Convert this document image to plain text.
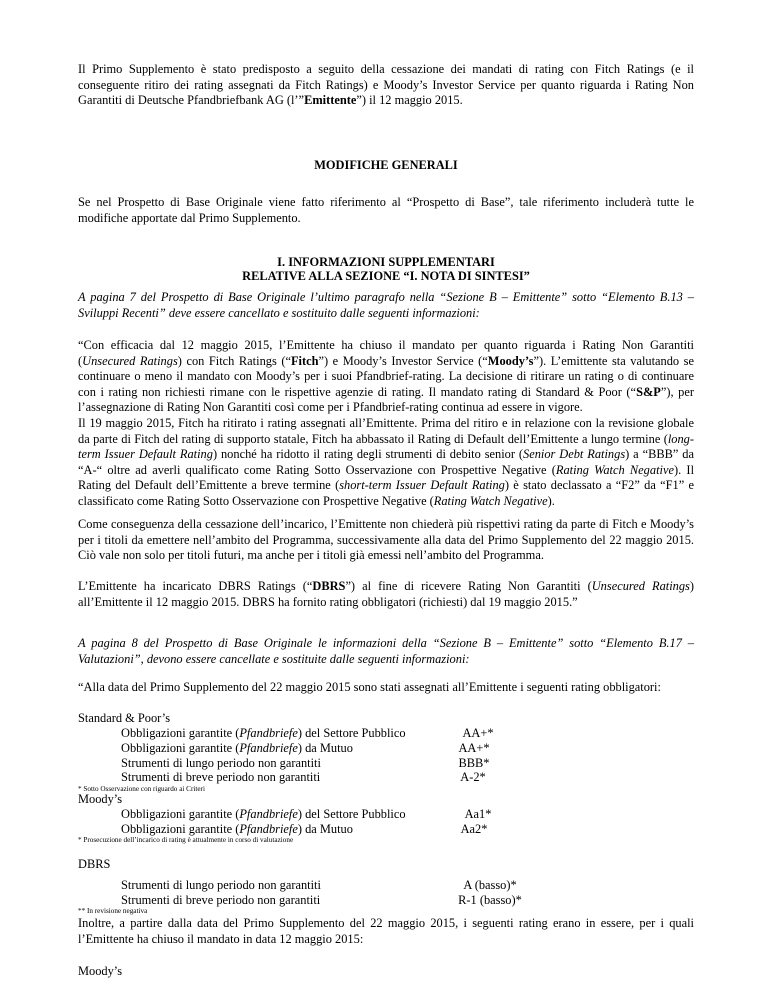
Il Primo Supplemento è stato predisposto a seguito della cessazione dei mandati di rating con Fitch Ratings (e il conseguente ritiro dei rating assegnati da Fitch Ratings) e Moody’s Investor Service per quanto riguarda i Rating Non Garantiti di Deutsche Pfandbriefbank AG (l’”Emittente”) il 12 maggio 2015.

MODIFICHE GENERALI

Se nel Prospetto di Base Originale viene fatto riferimento al “Prospetto di Base”, tale riferimento includerà tutte le modifiche apportate dal Primo Supplemento.

I. INFORMAZIONI SUPPLEMENTARI
RELATIVE ALLA SEZIONE “I. NOTA DI SINTESI”

A pagina 7 del Prospetto di Base Originale l’ultimo paragrafo nella “Sezione B – Emittente” sotto “Elemento B.13 – Sviluppi Recenti” deve essere cancellato e sostituito dalle seguenti informazioni:

“Con efficacia dal 12 maggio 2015, l’Emittente ha chiuso il mandato per quanto riguarda i Rating Non Garantiti (Unsecured Ratings) con Fitch Ratings (“Fitch”) e Moody’s Investor Service (“Moody’s”). L’emittente sta valutando se continuare o meno il mandato con Moody’s per i suoi Pfandbrief-rating. La decisione di ritirare un rating o di continuare con i rating non richiesti rimane con le rispettive agenzie di rating. Il mandato rating di Standard & Poor (“S&P”), per l’assegnazione di Rating Non Garantiti così come per i Pfandbrief-rating continua ad essere in vigore.

Il 19 maggio 2015, Fitch ha ritirato i rating assegnati all’Emittente. Prima del ritiro e in relazione con la revisione globale da parte di Fitch del rating di supporto statale, Fitch ha abbassato il Rating di Default dell’Emittente a lungo termine (long-term Issuer Default Rating) nonché ha ridotto il rating degli strumenti di debito senior (Senior Debt Ratings) a “BBB” da “A-“ oltre ad averli qualificato come Rating Sotto Osservazione con Prospettive Negative (Rating Watch Negative). Il Rating del Default dell’Emittente a breve termine (short-term Issuer Default Rating) è stato declassato a “F2” da “F1” e classificato come Rating Sotto Osservazione con Prospettive Negative (Rating Watch Negative).

Come conseguenza della cessazione dell’incarico, l’Emittente non chiederà più rispettivi rating da parte di Fitch e Moody’s per i titoli da emettere nell’ambito del Programma, successivamente alla data del Primo Supplemento del 22 maggio 2015. Ciò vale non solo per titoli futuri, ma anche per i titoli già emessi nell’ambito del Programma.

L’Emittente ha incaricato DBRS Ratings (“DBRS”) al fine di ricevere Rating Non Garantiti (Unsecured Ratings) all’Emittente il 12 maggio 2015. DBRS ha fornito rating obbligatori (richiesti) dal 19 maggio 2015.”

A pagina 8 del Prospetto di Base Originale le informazioni della “Sezione B – Emittente” sotto “Elemento B.17 – Valutazioni”, devono essere cancellate e sostituite dalle seguenti informazioni:

“Alla data del Primo Supplemento del 22 maggio 2015 sono stati assegnati all’Emittente i seguenti rating obbligatori:

Standard & Poor’s
Obbligazioni garantite (Pfandbriefe) del Settore Pubblico	AA+*
Obbligazioni garantite (Pfandbriefe) da Mutuo	AA+*
Strumenti di lungo periodo non garantiti	BBB*
Strumenti di breve periodo non garantiti	A-2*
* Sotto Osservazione con riguardo ai Criteri
Moody’s
Obbligazioni garantite (Pfandbriefe) del Settore Pubblico	Aa1*
Obbligazioni garantite (Pfandbriefe) da Mutuo	Aa2*
* Prosecuzione dell’incarico di rating è attualmente in corso di valutazione
DBRS
Strumenti di lungo periodo non garantiti	A (basso)*
Strumenti di breve periodo non garantiti	R-1 (basso)*
** In revisione negativa

Inoltre, a partire dalla data del Primo Supplemento del 22 maggio 2015, i seguenti rating erano in essere, per i quali l’Emittente ha chiuso il mandato in data 12 maggio 2015:

Moody’s
